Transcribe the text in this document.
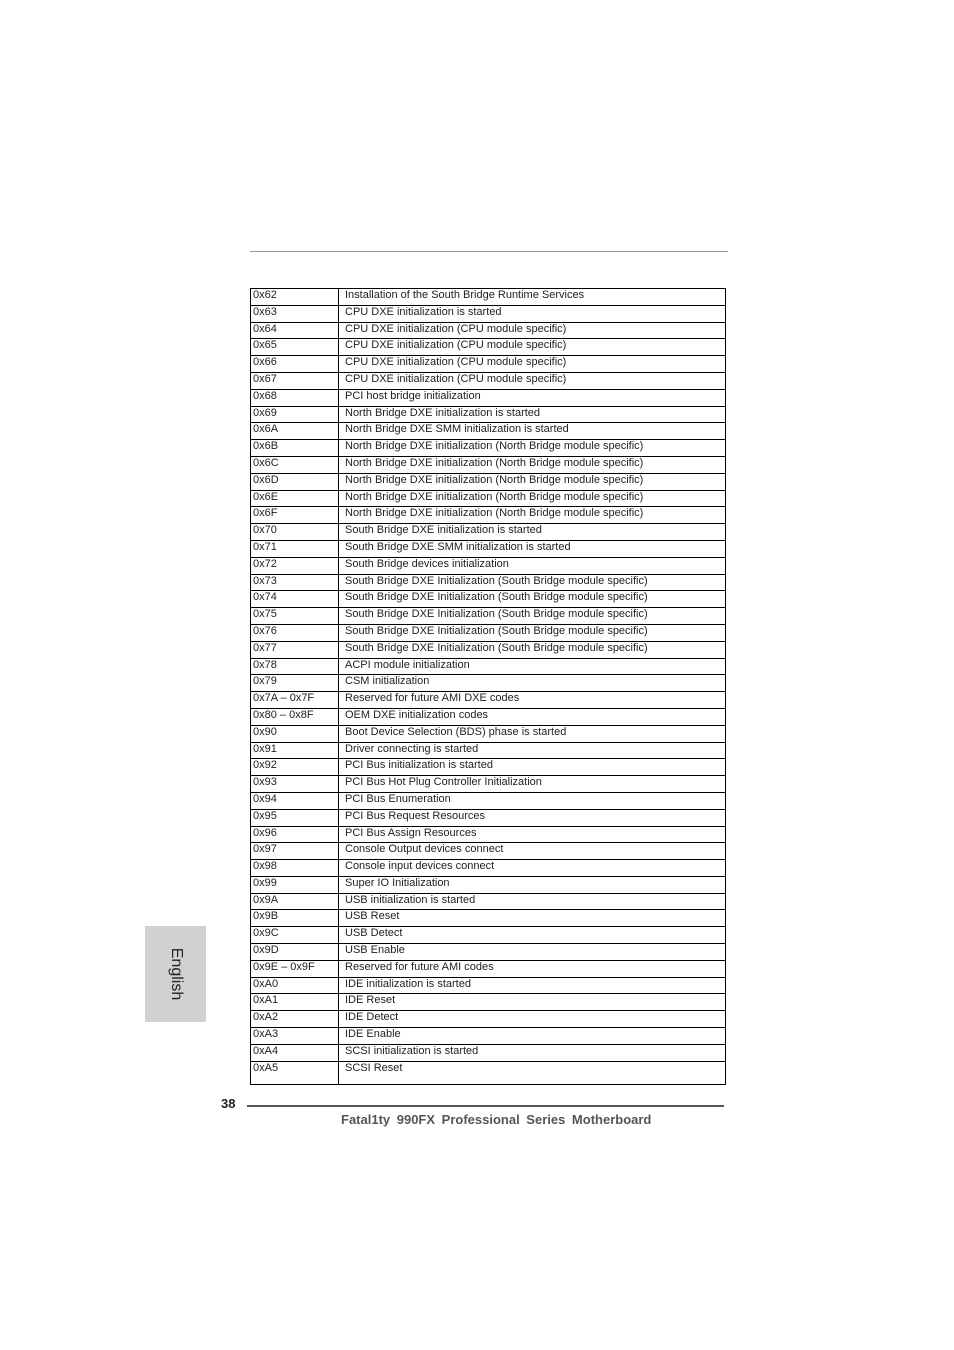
0x62	Installation of the South Bridge Runtime Services
0x63	CPU DXE initialization is started
0x64	CPU DXE initialization (CPU module specific)
0x65	CPU DXE initialization (CPU module specific)
0x66	CPU DXE initialization (CPU module specific)
0x67	CPU DXE initialization (CPU module specific)
0x68	PCI host bridge initialization
0x69	North Bridge DXE initialization is started
0x6A	North Bridge DXE SMM initialization is started
0x6B	North Bridge DXE initialization (North Bridge module specific)
0x6C	North Bridge DXE initialization (North Bridge module specific)
0x6D	North Bridge DXE initialization (North Bridge module specific)
0x6E	North Bridge DXE initialization (North Bridge module specific)
0x6F	North Bridge DXE initialization (North Bridge module specific)
0x70	South Bridge DXE initialization is started
0x71	South Bridge DXE SMM initialization is started
0x72	South Bridge devices initialization
0x73	South Bridge DXE Initialization (South Bridge module specific)
0x74	South Bridge DXE Initialization (South Bridge module specific)
0x75	South Bridge DXE Initialization (South Bridge module specific)
0x76	South Bridge DXE Initialization (South Bridge module specific)
0x77	South Bridge DXE Initialization (South Bridge module specific)
0x78	ACPI module initialization
0x79	CSM initialization
0x7A – 0x7F	Reserved for future AMI DXE codes
0x80 – 0x8F	OEM DXE initialization codes
0x90	Boot Device Selection (BDS) phase is started
0x91	Driver connecting is started
0x92	PCI Bus initialization is started
0x93	PCI Bus Hot Plug Controller Initialization
0x94	PCI Bus Enumeration
0x95	PCI Bus Request Resources
0x96	PCI Bus Assign Resources
0x97	Console Output devices connect
0x98	Console input devices connect
0x99	Super IO Initialization
0x9A	USB initialization is started
0x9B	USB Reset
0x9C	USB Detect
0x9D	USB Enable
0x9E – 0x9F	Reserved for future AMI codes
0xA0	IDE initialization is started
0xA1	IDE Reset
0xA2	IDE Detect
0xA3	IDE Enable
0xA4	SCSI initialization is started
0xA5	SCSI Reset
English
38
Fatal1ty 990FX Professional Series Motherboard
